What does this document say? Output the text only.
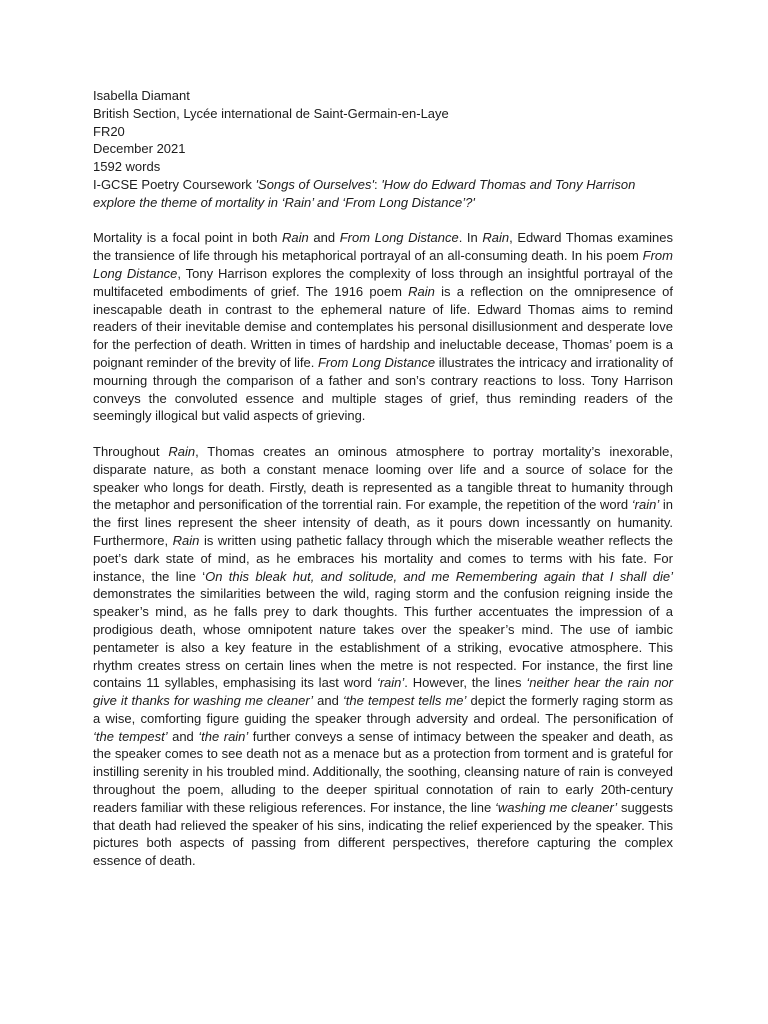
Isabella Diamant
British Section, Lycée international de Saint-Germain-en-Laye
FR20
December 2021
1592 words
I-GCSE Poetry Coursework 'Songs of Ourselves': 'How do Edward Thomas and Tony Harrison explore the theme of mortality in ‘Rain’ and ‘From Long Distance’?'

Mortality is a focal point in both Rain and From Long Distance. In Rain, Edward Thomas examines the transience of life through his metaphorical portrayal of an all-consuming death. In his poem From Long Distance, Tony Harrison explores the complexity of loss through an insightful portrayal of the multifaceted embodiments of grief. The 1916 poem Rain is a reflection on the omnipresence of inescapable death in contrast to the ephemeral nature of life. Edward Thomas aims to remind readers of their inevitable demise and contemplates his personal disillusionment and desperate love for the perfection of death. Written in times of hardship and ineluctable decease, Thomas’ poem is a poignant reminder of the brevity of life. From Long Distance illustrates the intricacy and irrationality of mourning through the comparison of a father and son’s contrary reactions to loss. Tony Harrison conveys the convoluted essence and multiple stages of grief, thus reminding readers of the seemingly illogical but valid aspects of grieving.

Throughout Rain, Thomas creates an ominous atmosphere to portray mortality’s inexorable, disparate nature, as both a constant menace looming over life and a source of solace for the speaker who longs for death. Firstly, death is represented as a tangible threat to humanity through the metaphor and personification of the torrential rain. For example, the repetition of the word ‘rain’ in the first lines represent the sheer intensity of death, as it pours down incessantly on humanity. Furthermore, Rain is written using pathetic fallacy through which the miserable weather reflects the poet’s dark state of mind, as he embraces his mortality and comes to terms with his fate. For instance, the line ‘On this bleak hut, and solitude, and me Remembering again that I shall die’ demonstrates the similarities between the wild, raging storm and the confusion reigning inside the speaker’s mind, as he falls prey to dark thoughts. This further accentuates the impression of a prodigious death, whose omnipotent nature takes over the speaker’s mind. The use of iambic pentameter is also a key feature in the establishment of a striking, evocative atmosphere. This rhythm creates stress on certain lines when the metre is not respected. For instance, the first line contains 11 syllables, emphasising its last word ‘rain’. However, the lines ‘neither hear the rain nor give it thanks for washing me cleaner’ and ‘the tempest tells me’ depict the formerly raging storm as a wise, comforting figure guiding the speaker through adversity and ordeal. The personification of ‘the tempest’ and ‘the rain’ further conveys a sense of intimacy between the speaker and death, as the speaker comes to see death not as a menace but as a protection from torment and is grateful for instilling serenity in his troubled mind. Additionally, the soothing, cleansing nature of rain is conveyed throughout the poem, alluding to the deeper spiritual connotation of rain to early 20th-century readers familiar with these religious references. For instance, the line ‘washing me cleaner’ suggests that death had relieved the speaker of his sins, indicating the relief experienced by the speaker. This pictures both aspects of passing from different perspectives, therefore capturing the complex essence of death.
